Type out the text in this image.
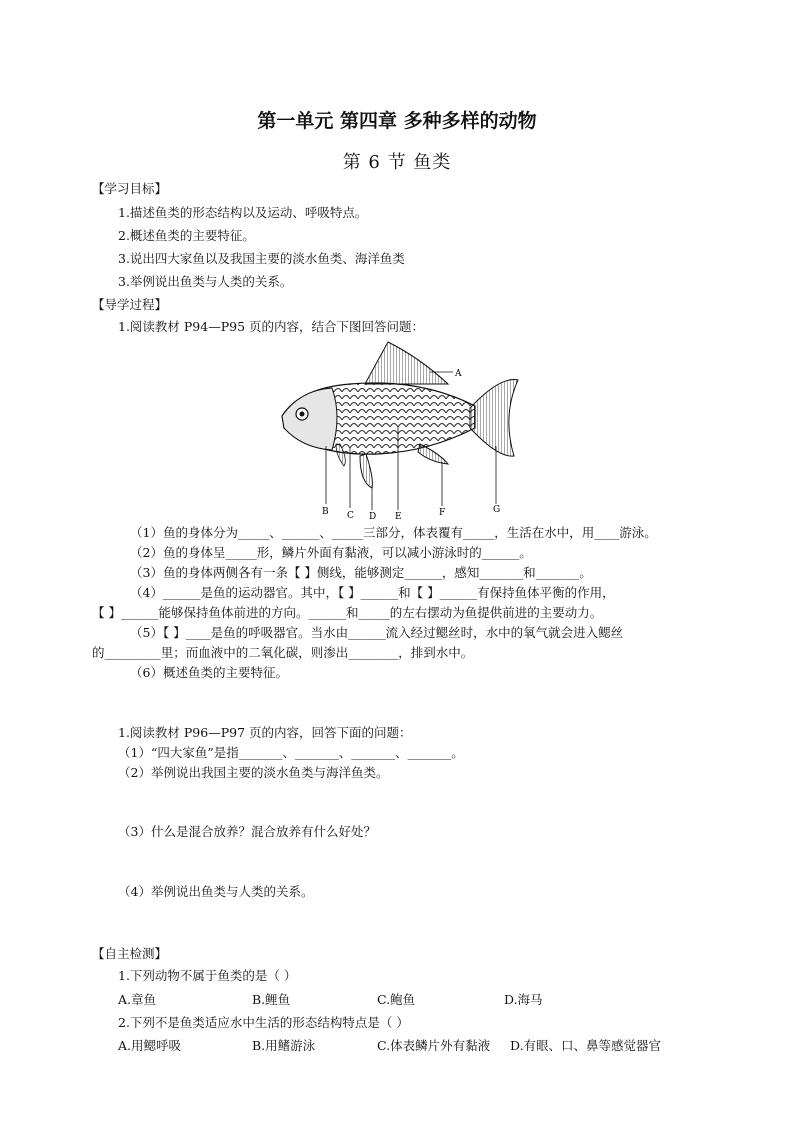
第一单元 第四章 多种多样的动物
第 6 节 鱼类
【学习目标】
1.描述鱼类的形态结构以及运动、呼吸特点。
2.概述鱼类的主要特征。
3.说出四大家鱼以及我国主要的淡水鱼类、海洋鱼类
3.举例说出鱼类与人类的关系。
【导学过程】
1.阅读教材 P94—P95 页的内容，结合下图回答问题：
A
B C D E	F	G
（1）鱼的身体分为_____、______、_____三部分，体表覆有_____，生活在水中，用____游泳。
（2）鱼的身体呈_____形，鳞片外面有黏液，可以减小游泳时的______。
（3）鱼的身体两侧各有一条【 】侧线，能够测定______，感知_______和_______。
（4）______是鱼的运动器官。其中，【 】______和【 】______有保持鱼体平衡的作用，
【 】______能够保持鱼体前进的方向。______和_____的左右摆动为鱼提供前进的主要动力。
（5）【 】____是鱼的呼吸器官。当水由______流入经过鳃丝时，水中的氧气就会进入鳃丝
的_________里；而血液中的二氧化碳，则渗出________，排到水中。
（6）概述鱼类的主要特征。
1.阅读教材 P96—P97 页的内容，回答下面的问题：
（1）“四大家鱼”是指_______、_______、_______、_______。
（2）举例说出我国主要的淡水鱼类与海洋鱼类。
（3）什么是混合放养？混合放养有什么好处？
（4）举例说出鱼类与人类的关系。
【自主检测】
1.下列动物不属于鱼类的是（ ）
A.章鱼	B.鲤鱼	C.鲍鱼	D.海马
2.下列不是鱼类适应水中生活的形态结构特点是（ ）
A.用鳃呼吸	B.用鳍游泳	C.体表鳞片外有黏液 D.有眼、口、鼻等感觉器官
